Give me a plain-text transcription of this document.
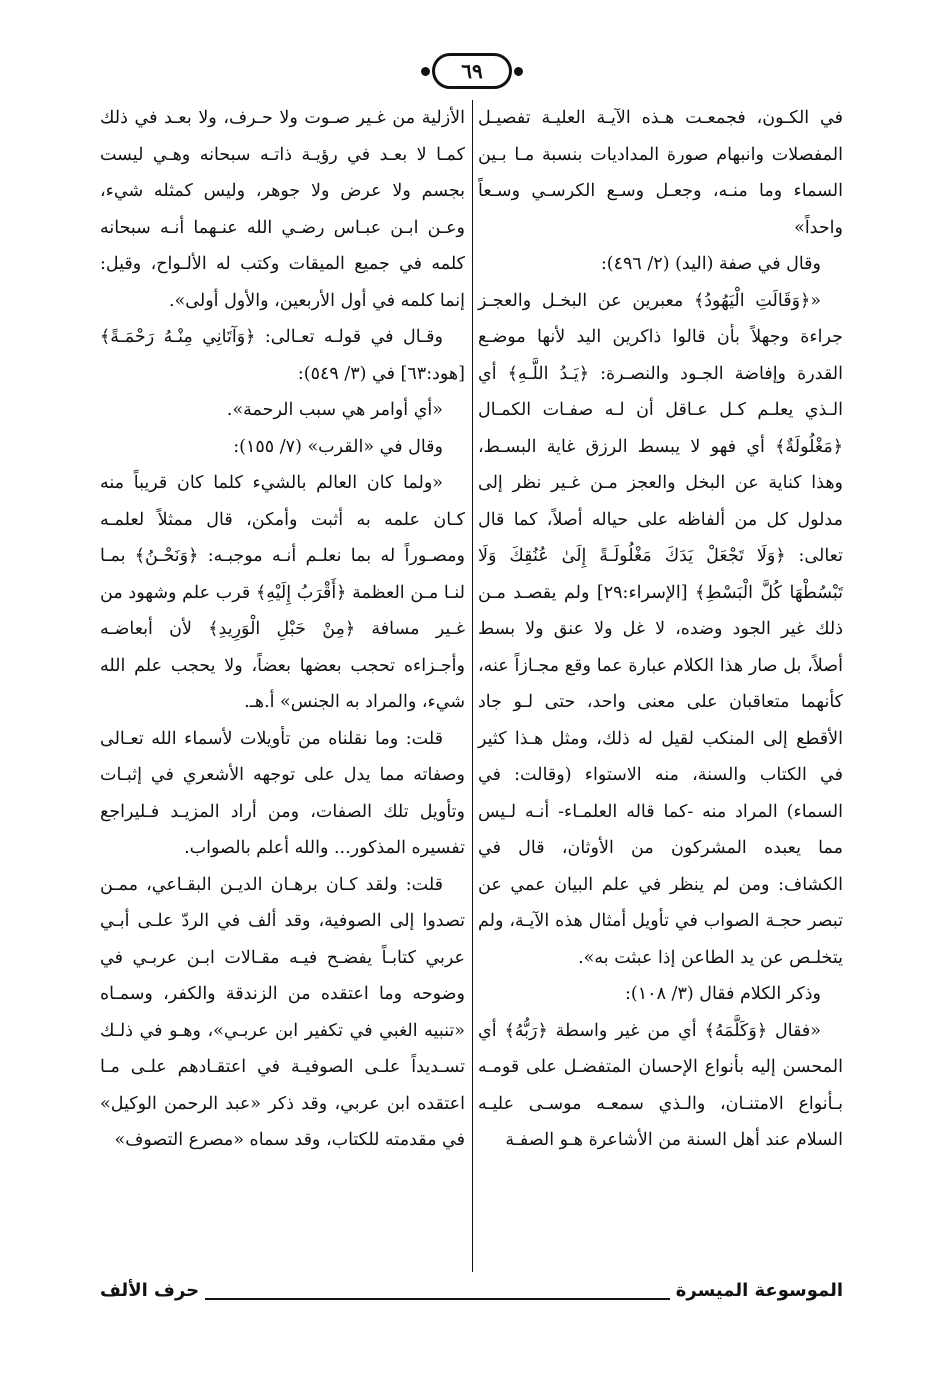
٦٩

في الكـون، فجمعـت هـذه الآيـة العليـة تفصيـل المفصلات وانبهام صورة المداديات بنسبة مـا بـين السماء وما منـه، وجعـل وسـع الكرسـي وسـعاً واحداً»

وقال في صفة (اليد) (٢/ ٤٩٦):

«﴿وَقَالَتِ الْيَهُودُ﴾ معبرين عن البخـل والعجـز جراءة وجهلاً بأن قالوا ذاكرين اليد لأنها موضـع القدرة وإفاضة الجـود والنصـرة: ﴿يَـدُ اللَّـهِ﴾ أي الـذي يعلـم كـل عـاقل أن لـه صفـات الكمـال ﴿مَغْلُولَةٌ﴾ أي فهو لا يبسط الرزق غاية البسـط، وهذا كناية عن البخل والعجز مـن غـير نظر إلى مدلول كل من ألفاظه على حياله أصلاً، كما قال تعالى: ﴿وَلَا تَجْعَلْ يَدَكَ مَغْلُولَـةً إِلَىٰ عُنُقِكَ وَلَا تَبْسُطْهَا كُلَّ الْبَسْطِ﴾ [الإسراء:٢٩] ولم يقصـد مـن ذلك غير الجود وضده، لا غل ولا عنق ولا بسط أصلاً، بل صار هذا الكلام عبارة عما وقع مجـازاً عنه، كأنهما متعاقبان على معنى واحد، حتى لـو جاد الأقطع إلى المنكب لقيل له ذلك، ومثل هـذا كثير في الكتاب والسنة، منه الاستواء (وقالت: في السماء) المراد منه -كما قاله العلمـاء- أنـه لـيس مما يعبده المشركون من الأوثان، قال في الكشاف: ومن لم ينظر في علم البيان عمي عن تبصر حجـة الصواب في تأويل أمثال هذه الآيـة، ولم يتخلـص عن يد الطاعن إذا عبثت به».

وذكر الكلام فقال (٣/ ١٠٨):

«فقال ﴿وَكَلَّمَهُ﴾ أي من غير واسطة ﴿رَبُّهُ﴾ أي المحسن إليه بأنواع الإحسان المتفضـل على قومـه بـأنواع الامتنـان، والـذي سمعـه موسـى عليـه السلام عند أهل السنة من الأشاعرة هـو الصفـة

الأزلية من غـير صـوت ولا حـرف، ولا بعـد في ذلك كمـا لا بعـد في رؤيـة ذاتـه سبحانه وهـي ليست بجسم ولا عرض ولا جوهر، وليس كمثله شيء، وعـن ابـن عبـاس رضـي الله عنـهما أنـه سبحانه كلمه في جميع الميقات وكتب له الألـواح، وقيل: إنما كلمه في أول الأربعين، والأول أولى».

وقـال في قولـه تعـالى: ﴿وَآتَانِي مِنْـهُ رَحْمَـةً﴾ [هود:٦٣] في (٣/ ٥٤٩):

«أي أوامر هي سبب الرحمة».

وقال في «القرب» (٧/ ١٥٥):

«ولما كان العالم بالشيء كلما كان قريباً منه كـان علمه به أثبت وأمكن، قال ممثلاً لعلمـه ومصـوراً له بما نعلـم أنـه موجبـه: ﴿وَنَحْـنُ﴾ بمـا لنـا مـن العظمة ﴿أَقْرَبُ إِلَيْهِ﴾ قرب علم وشهود من غـير مسافة ﴿مِنْ حَبْلِ الْوَرِيدِ﴾ لأن أبعاضـه وأجـزاءه تحجب بعضها بعضاً، ولا يحجب علم الله شيء، والمراد به الجنس» أ.هـ.

قلت: وما نقلناه من تأويلات لأسماء الله تعـالى وصفاته مما يدل على توجهه الأشعري في إثبـات وتأويل تلك الصفات، ومن أراد المزيـد فـليراجع تفسيره المذكور... والله أعلم بالصواب.

قلت: ولقد كـان برهـان الديـن البقـاعي، ممـن تصدوا إلى الصوفية، وقد ألف في الردّ علـى أبـي عربي كتابـاً يفضـح فيـه مقـالات ابـن عربـي في وضوحه وما اعتقده من الزندقة والكفر، وسمـاه «تنبيه الغبي في تكفير ابن عربـي»، وهـو في ذلـك تسـديداً علـى الصوفيـة في اعتقـادهم علـى مـا اعتقده ابن عربي، وقد ذكر «عبد الرحمن الوكيل» في مقدمته للكتاب، وقد سماه «مصرع التصوف»

الموسوعة الميسرة
حرف الألف
